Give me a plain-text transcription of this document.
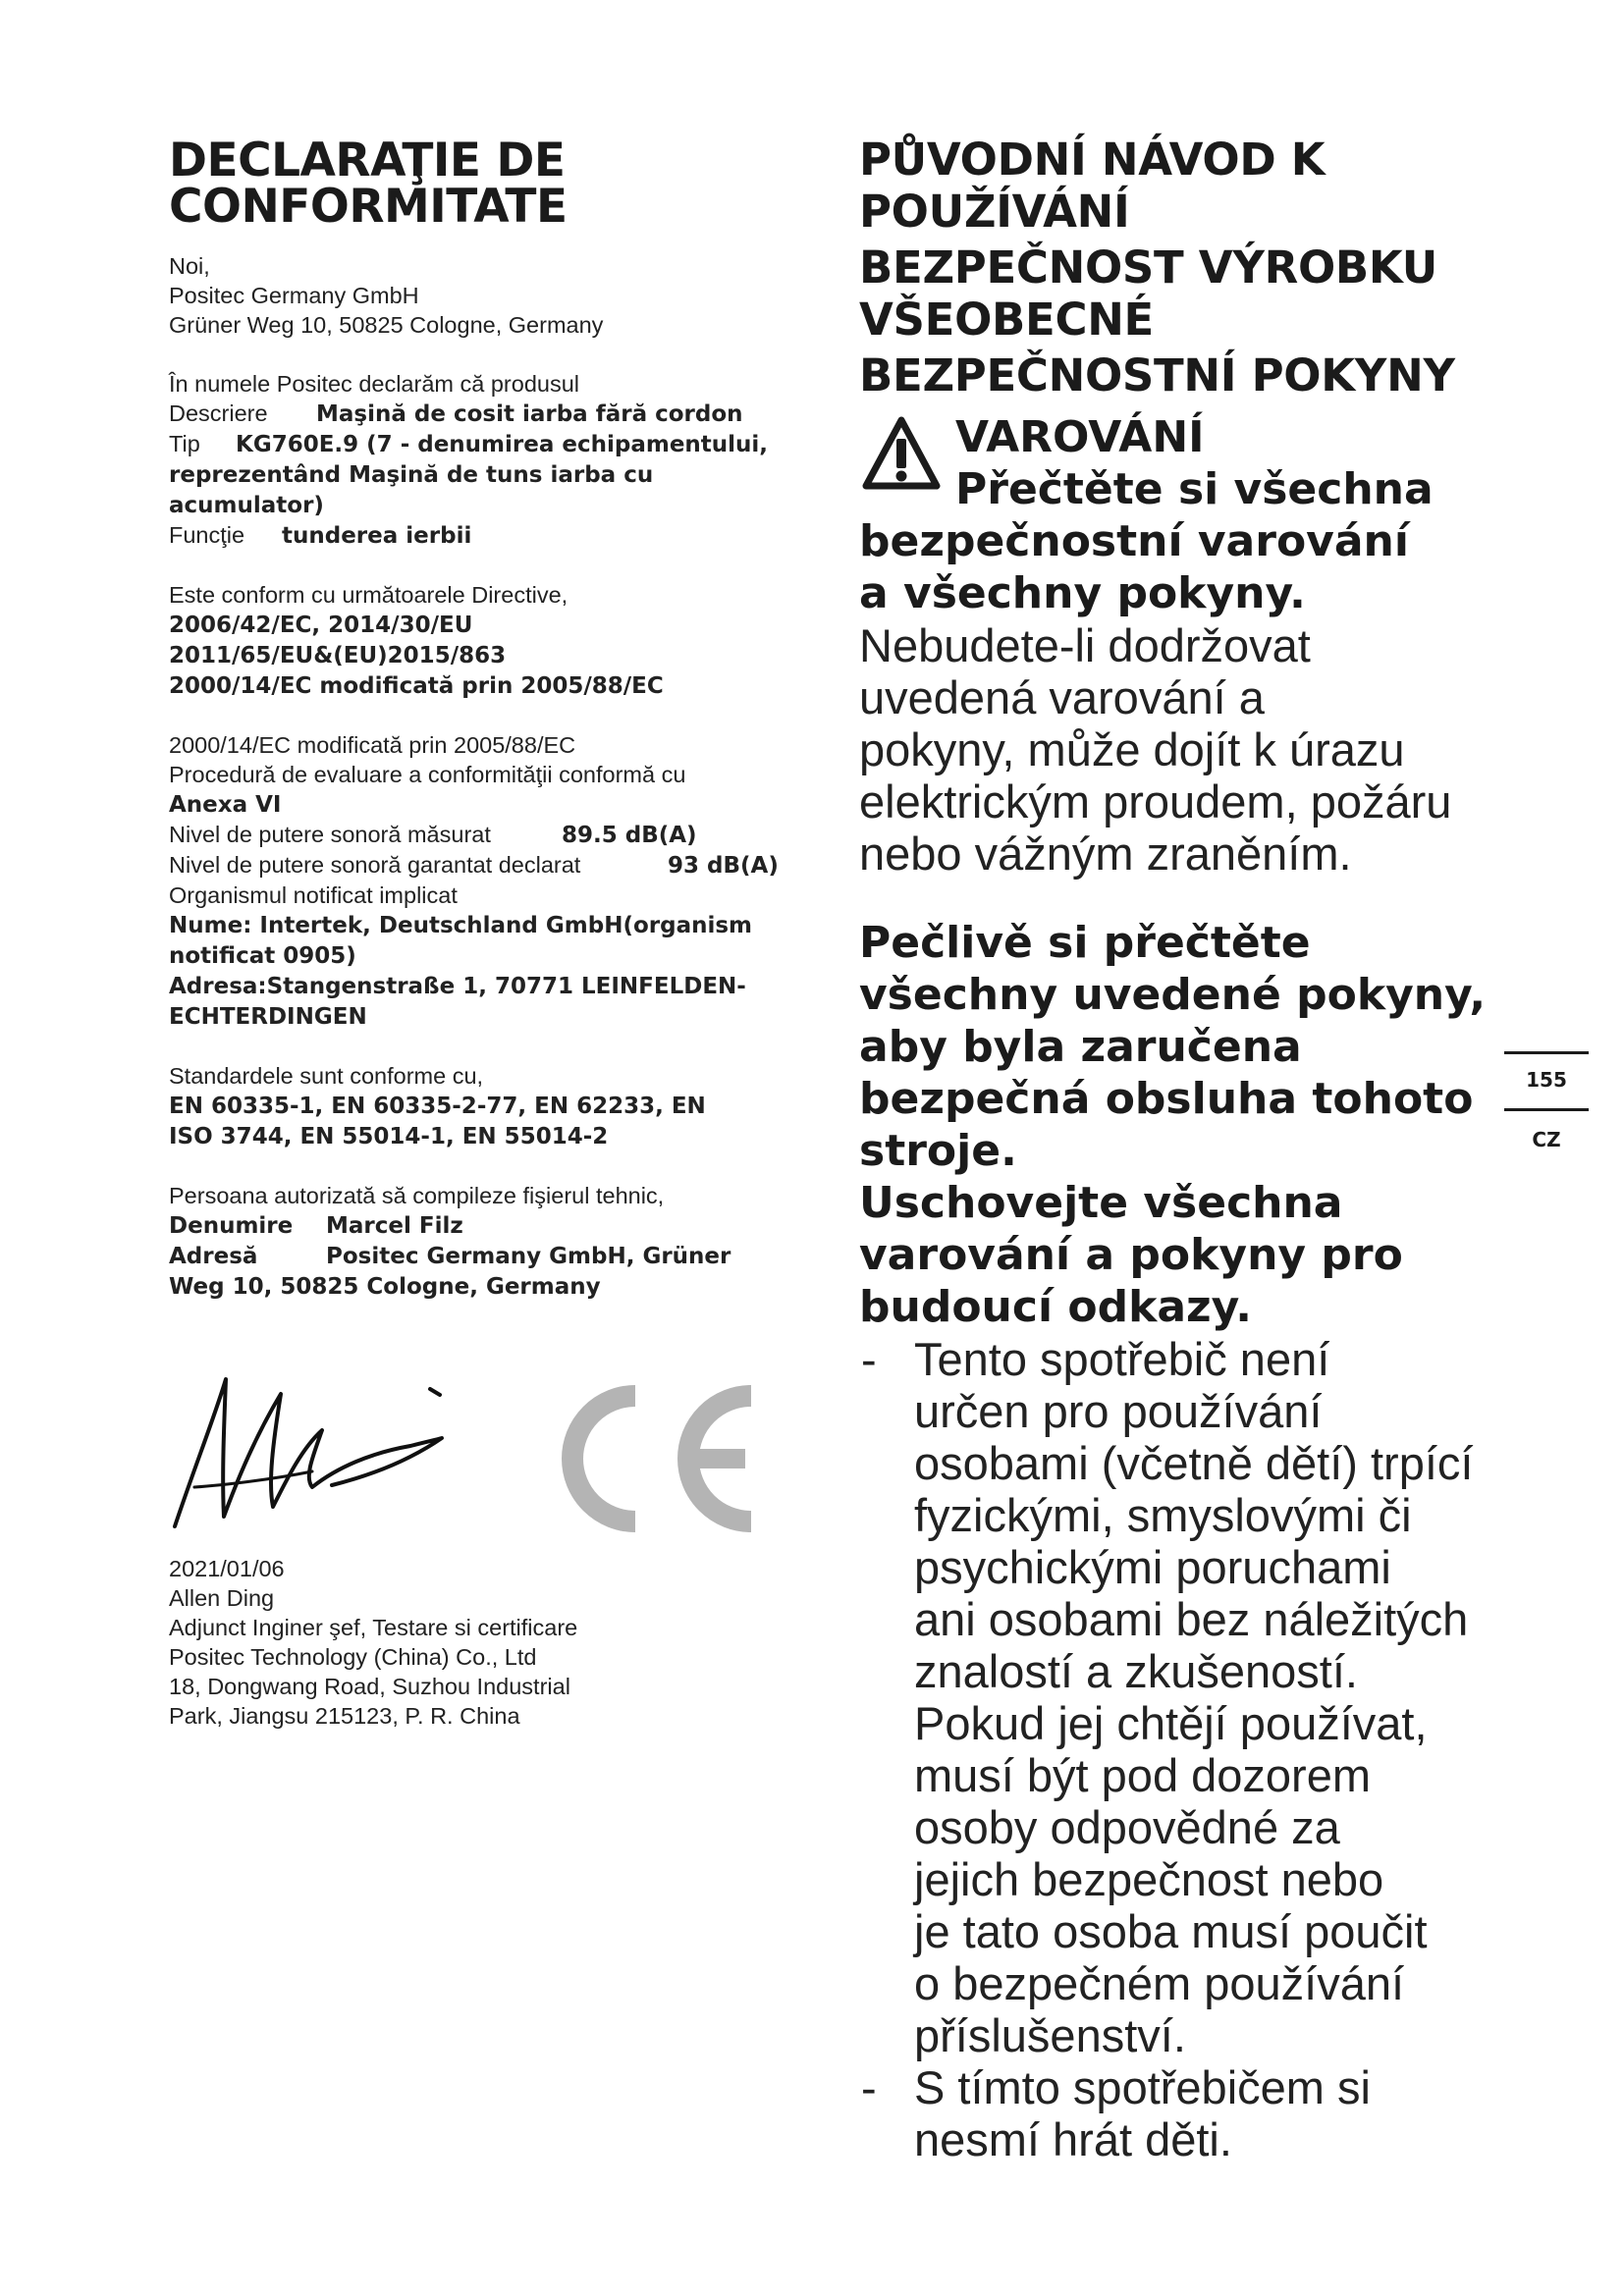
DECLARAŢIE DE
CONFORMITATE

Noi,

Positec Germany GmbH

Grüner Weg 10, 50825 Cologne, Germany

În numele Positec declarăm că produsul

Descriere Maşină de cosit iarba fără cordon

Tip KG760E.9 (7 - denumirea echipamentului,

reprezentând Maşină de tuns iarba cu

acumulator)

Funcţie tunderea ierbii

Este conform cu următoarele Directive,

2006/42/EC, 2014/30/EU

2011/65/EU&(EU)2015/863

2000/14/EC modificată prin 2005/88/EC

2000/14/EC modificată prin 2005/88/EC

Procedură de evaluare a conformităţii conformă cu

Anexa VI

Nivel de putere sonoră măsurat	89.5 dB(A)

Nivel de putere sonoră garantat declarat	93 dB(A)

Organismul notificat implicat

Nume: Intertek, Deutschland GmbH(organism

notificat 0905)

Adresa:Stangenstraße 1, 70771 LEINFELDEN-

ECHTERDINGEN

Standardele sunt conforme cu,

EN 60335-1, EN 60335-2-77, EN 62233, EN

ISO 3744, EN 55014-1, EN 55014-2

Persoana autorizată să compileze fişierul tehnic,

Denumire Marcel Filz

Adresă	Positec Germany GmbH, Grüner

Weg 10, 50825 Cologne, Germany

2021/01/06

Allen Ding

Adjunct Inginer şef, Testare si certificare

Positec Technology (China) Co., Ltd

18, Dongwang Road, Suzhou Industrial

Park, Jiangsu 215123, P. R. China

PŮVODNÍ NÁVOD K
POUŽÍVÁNÍ
BEZPEČNOST VÝROBKU
VŠEOBECNÉ
BEZPEČNOSTNÍ POKYNY
VAROVÁNÍ
Přečtěte si všechna
bezpečnostní varování
a všechny pokyny.
Nebudete-li dodržovat
uvedená varování a
pokyny, může dojít k úrazu
elektrickým proudem, požáru
nebo vážným zraněním.
Pečlivě si přečtěte
všechny uvedené pokyny,
aby byla zaručena
bezpečná obsluha tohoto
stroje.
Uschovejte všechna
varování a pokyny pro
budoucí odkazy.
- Tento spotřebič není
určen pro používání
osobami (včetně dětí) trpící
fyzickými, smyslovými či
psychickými poruchami
ani osobami bez náležitých
znalostí a zkušeností.
Pokud jej chtějí používat,
musí být pod dozorem
osoby odpovědné za
jejich bezpečnost nebo
je tato osoba musí poučit
o bezpečném používání
příslušenství.
- S tímto spotřebičem si
nesmí hrát děti.
155
CZ
